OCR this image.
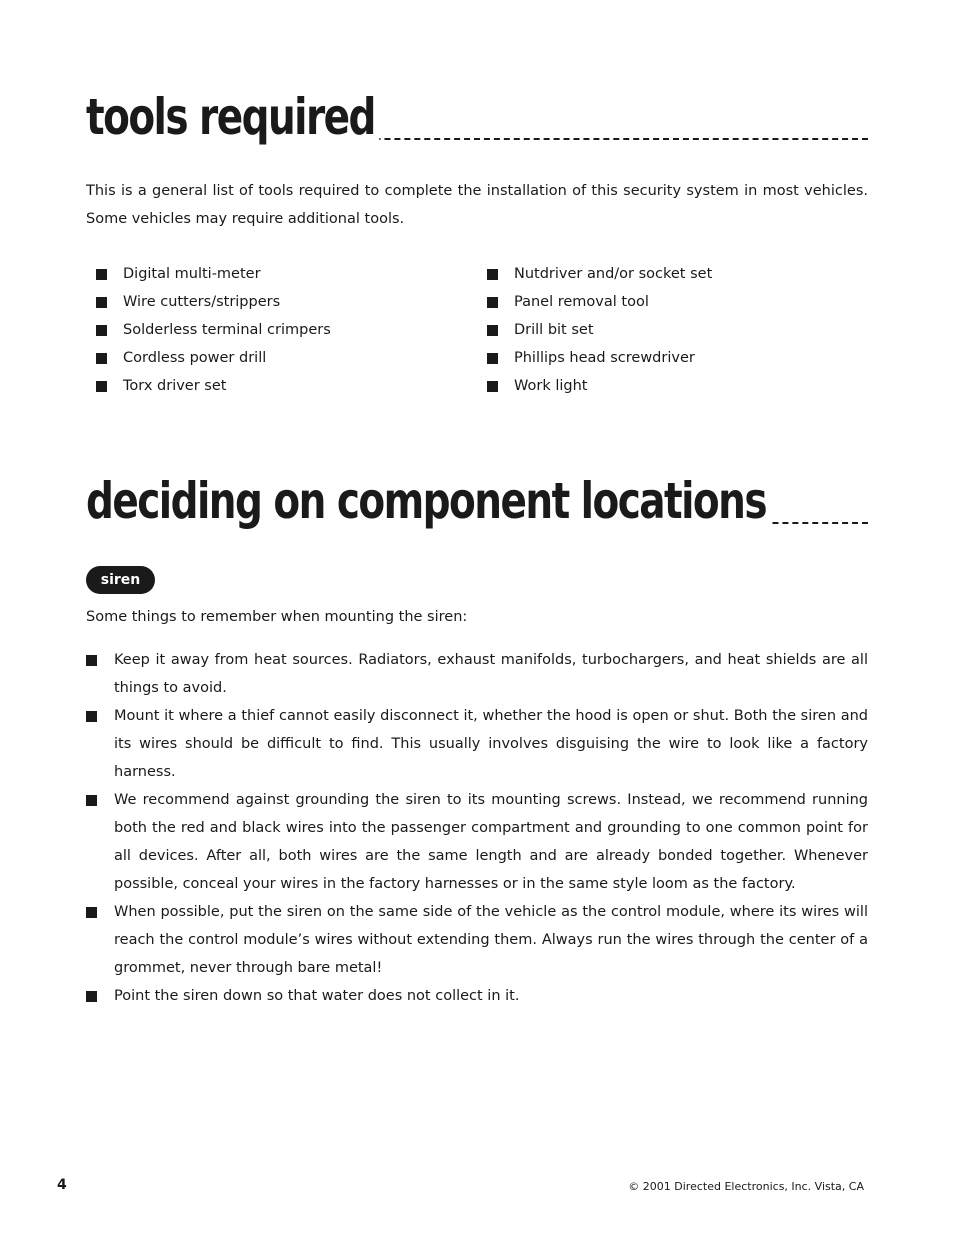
tools required

This is a general list of tools required to complete the installation of this security system in most vehicles. Some vehicles may require additional tools.

Digital multi-meter
Wire cutters/strippers
Solderless terminal crimpers
Cordless power drill
Torx driver set
Nutdriver and/or socket set
Panel removal tool
Drill bit set
Phillips head screwdriver
Work light
deciding on component locations
siren

Some things to remember when mounting the siren:

Keep it away from heat sources. Radiators, exhaust manifolds, turbochargers, and heat shields are all things to avoid.
Mount it where a thief cannot easily disconnect it, whether the hood is open or shut. Both the siren and its wires should be difficult to find. This usually involves disguising the wire to look like a factory harness.
We recommend against grounding the siren to its mounting screws. Instead, we recommend running both the red and black wires into the passenger compartment and grounding to one common point for all devices. After all, both wires are the same length and are already bonded together. Whenever possible, conceal your wires in the factory harnesses or in the same style loom as the factory.
When possible, put the siren on the same side of the vehicle as the control module, where its wires will reach the control module’s wires without extending them. Always run the wires through the center of a grommet, never through bare metal!
Point the siren down so that water does not collect in it.
4	© 2001 Directed Electronics, Inc. Vista, CA
